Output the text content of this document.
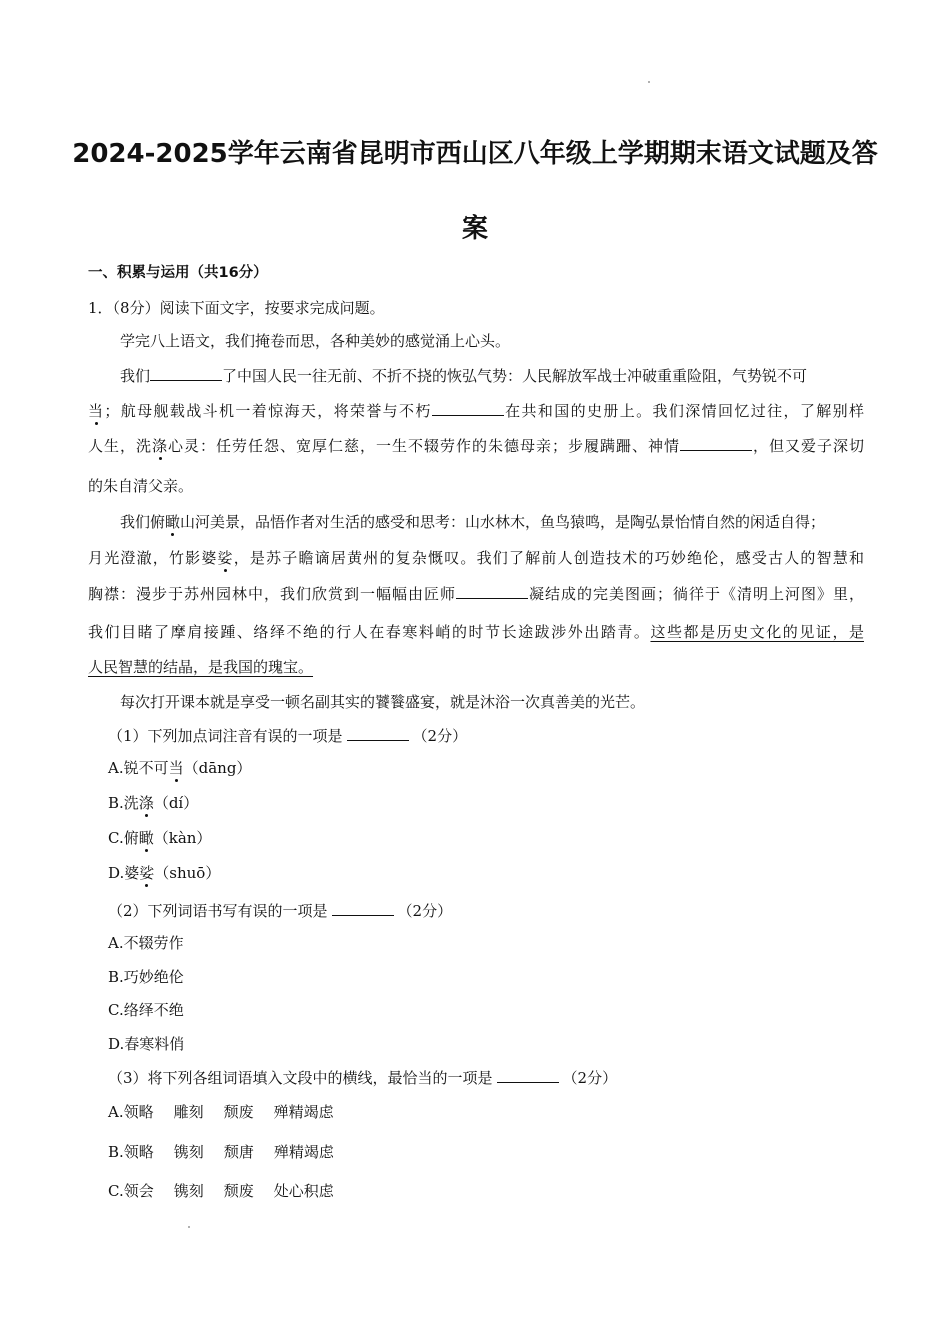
2024-2025学年云南省昆明市西山区八年级上学期期末语文试题及答
案
一、积累与运用（共16分）
1．（8分）阅读下面文字，按要求完成问题。
学完八上语文，我们掩卷而思，各种美妙的感觉涌上心头。
我们	了中国人民一往无前、不折不挠的恢弘气势：人民解放军战士冲破重重险阻，气势锐不可
当；航母舰载战斗机一着惊海天，将荣誉与不朽	在共和国的史册上。我们深情回忆过往，了解别样
人生，洗涤心灵：任劳任怨、宽厚仁慈，一生不辍劳作的朱德母亲；步履蹒跚、神情	，但又爱子深切
的朱自清父亲。
我们俯瞰山河美景，品悟作者对生活的感受和思考：山水林木，鱼鸟猿鸣，是陶弘景怡情自然的闲适自得；
月光澄澈，竹影婆娑，是苏子瞻谪居黄州的复杂慨叹。我们了解前人创造技术的巧妙绝伦，感受古人的智慧和
胸襟：漫步于苏州园林中，我们欣赏到一幅幅由匠师	凝结成的完美图画；徜徉于《清明上河图》里，
我们目睹了摩肩接踵、络绎不绝的行人在春寒料峭的时节长途跋涉外出踏青。这些都是历史文化的见证，是
人民智慧的结晶，是我国的瑰宝。
每次打开课本就是享受一顿名副其实的饕餮盛宴，就是沐浴一次真善美的光芒。
（1）下列加点词注音有误的一项是	（2分）
A.锐不可当（dāng）
B.洗涤（dí）
C.俯瞰（kàn）
D.婆娑（shuō）
（2）下列词语书写有误的一项是	（2分）
A.不辍劳作
B.巧妙绝伦
C.络绎不绝
D.春寒料俏
（3）将下列各组词语填入文段中的横线，最恰当的一项是	（2分）
A.领略 雕刻 颓废 殚精竭虑
B.领略 镌刻 颓唐 殚精竭虑
C.领会 镌刻 颓废 处心积虑
